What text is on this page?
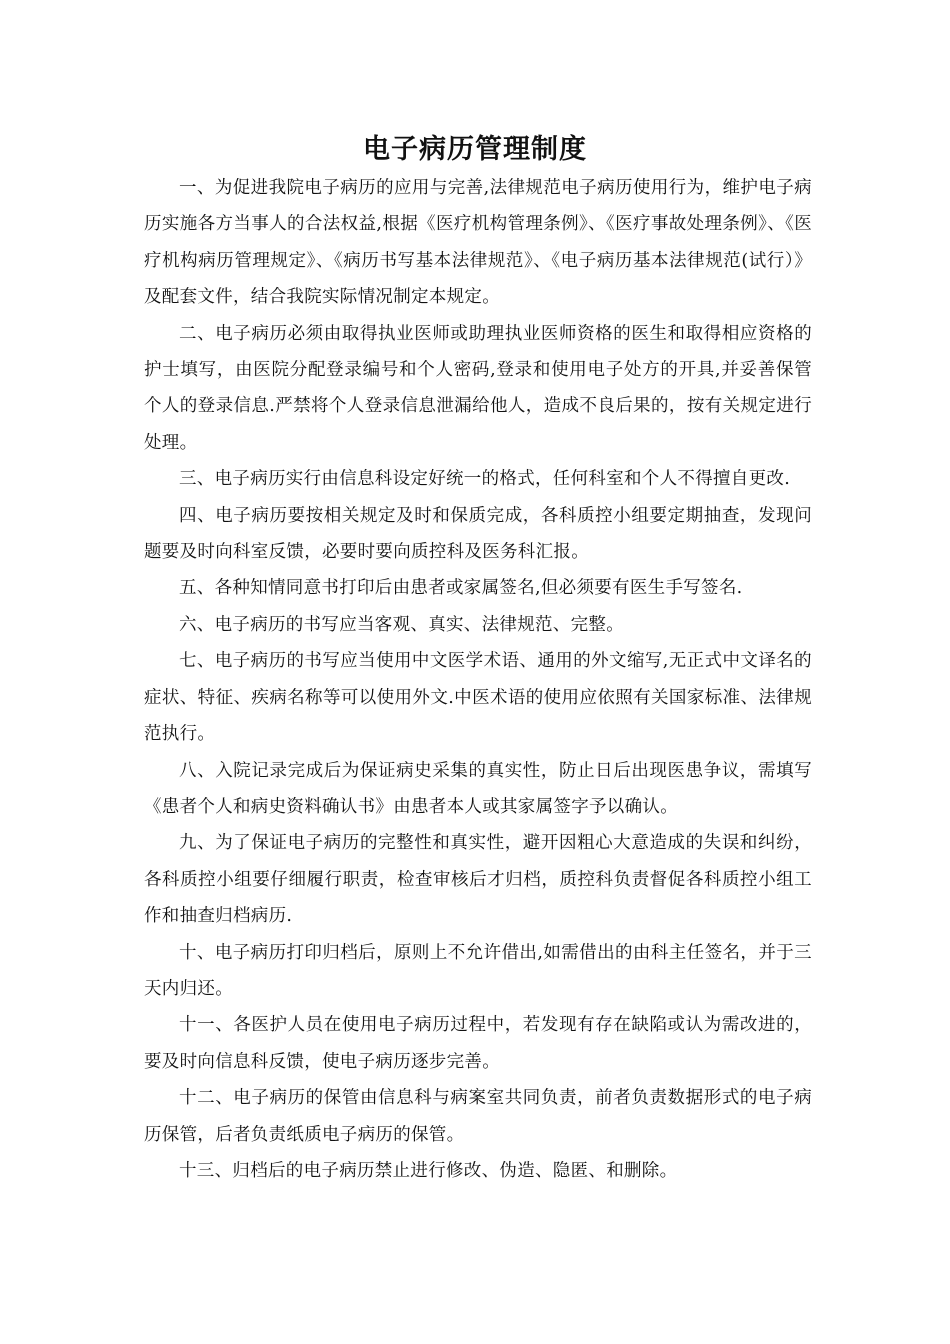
电子病历管理制度

一、为促进我院电子病历的应用与完善,法律规范电子病历使用行为，维护电子病历实施各方当事人的合法权益,根据《医疗机构管理条例》、《医疗事故处理条例》、《医疗机构病历管理规定》、《病历书写基本法律规范》、《电子病历基本法律规范(试行）》及配套文件，结合我院实际情况制定本规定。

二、电子病历必须由取得执业医师或助理执业医师资格的医生和取得相应资格的护士填写，由医院分配登录编号和个人密码,登录和使用电子处方的开具,并妥善保管个人的登录信息.严禁将个人登录信息泄漏给他人，造成不良后果的，按有关规定进行处理。

三、电子病历实行由信息科设定好统一的格式，任何科室和个人不得擅自更改.

四、电子病历要按相关规定及时和保质完成，各科质控小组要定期抽查，发现问题要及时向科室反馈，必要时要向质控科及医务科汇报。

五、各种知情同意书打印后由患者或家属签名,但必须要有医生手写签名.

六、电子病历的书写应当客观、真实、法律规范、完整。

七、电子病历的书写应当使用中文医学术语、通用的外文缩写,无正式中文译名的症状、特征、疾病名称等可以使用外文.中医术语的使用应依照有关国家标准、法律规范执行。

八、入院记录完成后为保证病史采集的真实性，防止日后出现医患争议，需填写《患者个人和病史资料确认书》由患者本人或其家属签字予以确认。

九、为了保证电子病历的完整性和真实性，避开因粗心大意造成的失误和纠纷，各科质控小组要仔细履行职责，检查审核后才归档，质控科负责督促各科质控小组工作和抽查归档病历.

十、电子病历打印归档后，原则上不允许借出,如需借出的由科主任签名，并于三天内归还。

十一、各医护人员在使用电子病历过程中，若发现有存在缺陷或认为需改进的，要及时向信息科反馈，使电子病历逐步完善。

十二、电子病历的保管由信息科与病案室共同负责，前者负责数据形式的电子病历保管，后者负责纸质电子病历的保管。

十三、归档后的电子病历禁止进行修改、伪造、隐匿、和删除。
